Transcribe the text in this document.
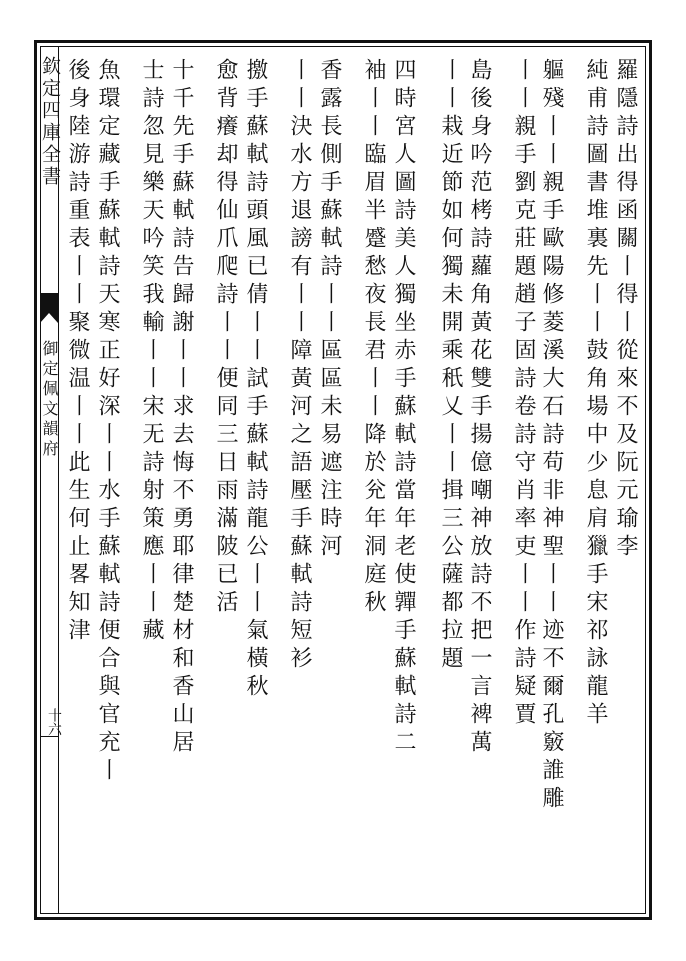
欽定四庫全書
御定佩文韻府
十六
羅隱詩出得函關丨得丨從來不及阮元瑜李
純甫詩圖書堆裏先丨丨鼓角場中少息肩獵手宋祁詠龍羊
軀殘丨丨親手歐陽修菱溪大石詩苟非神聖丨丨迹不爾孔竅誰雕
丨丨親手劉克莊題趙子固詩卷詩守肖率吏丨丨作詩疑賈
島後身吟范栲詩蘿角黃花雙手揚億嘲神放詩不把一言裨萬
丨丨栽近節如何獨未開乘秖乂丨丨揖三公薩都拉題
四時宮人圖詩美人獨坐赤手蘇軾詩當年老使嚲手蘇軾詩二
袖丨丨臨眉半蹙愁夜長君丨丨降於兊年洞庭秋
香露長側手蘇軾詩丨丨區區未易遮注時河
丨丨決水方退謗有丨丨障黃河之語壓手蘇軾詩短衫
撽手蘇軾詩頭風已倩丨丨試手蘇軾詩龍公丨丨氣橫秋
愈背癢却得仙爪爬詩丨丨便同三日雨滿陂已活
十千先手蘇軾詩告歸謝丨丨求去悔不勇耶律楚材和香山居
士詩忽見樂天吟笑我輸丨丨宋无詩射策應丨丨藏
魚環定藏手蘇軾詩天寒正好深丨丨水手蘇軾詩便合與官充丨
後身陸游詩重表丨丨聚微温丨丨此生何止畧知津
